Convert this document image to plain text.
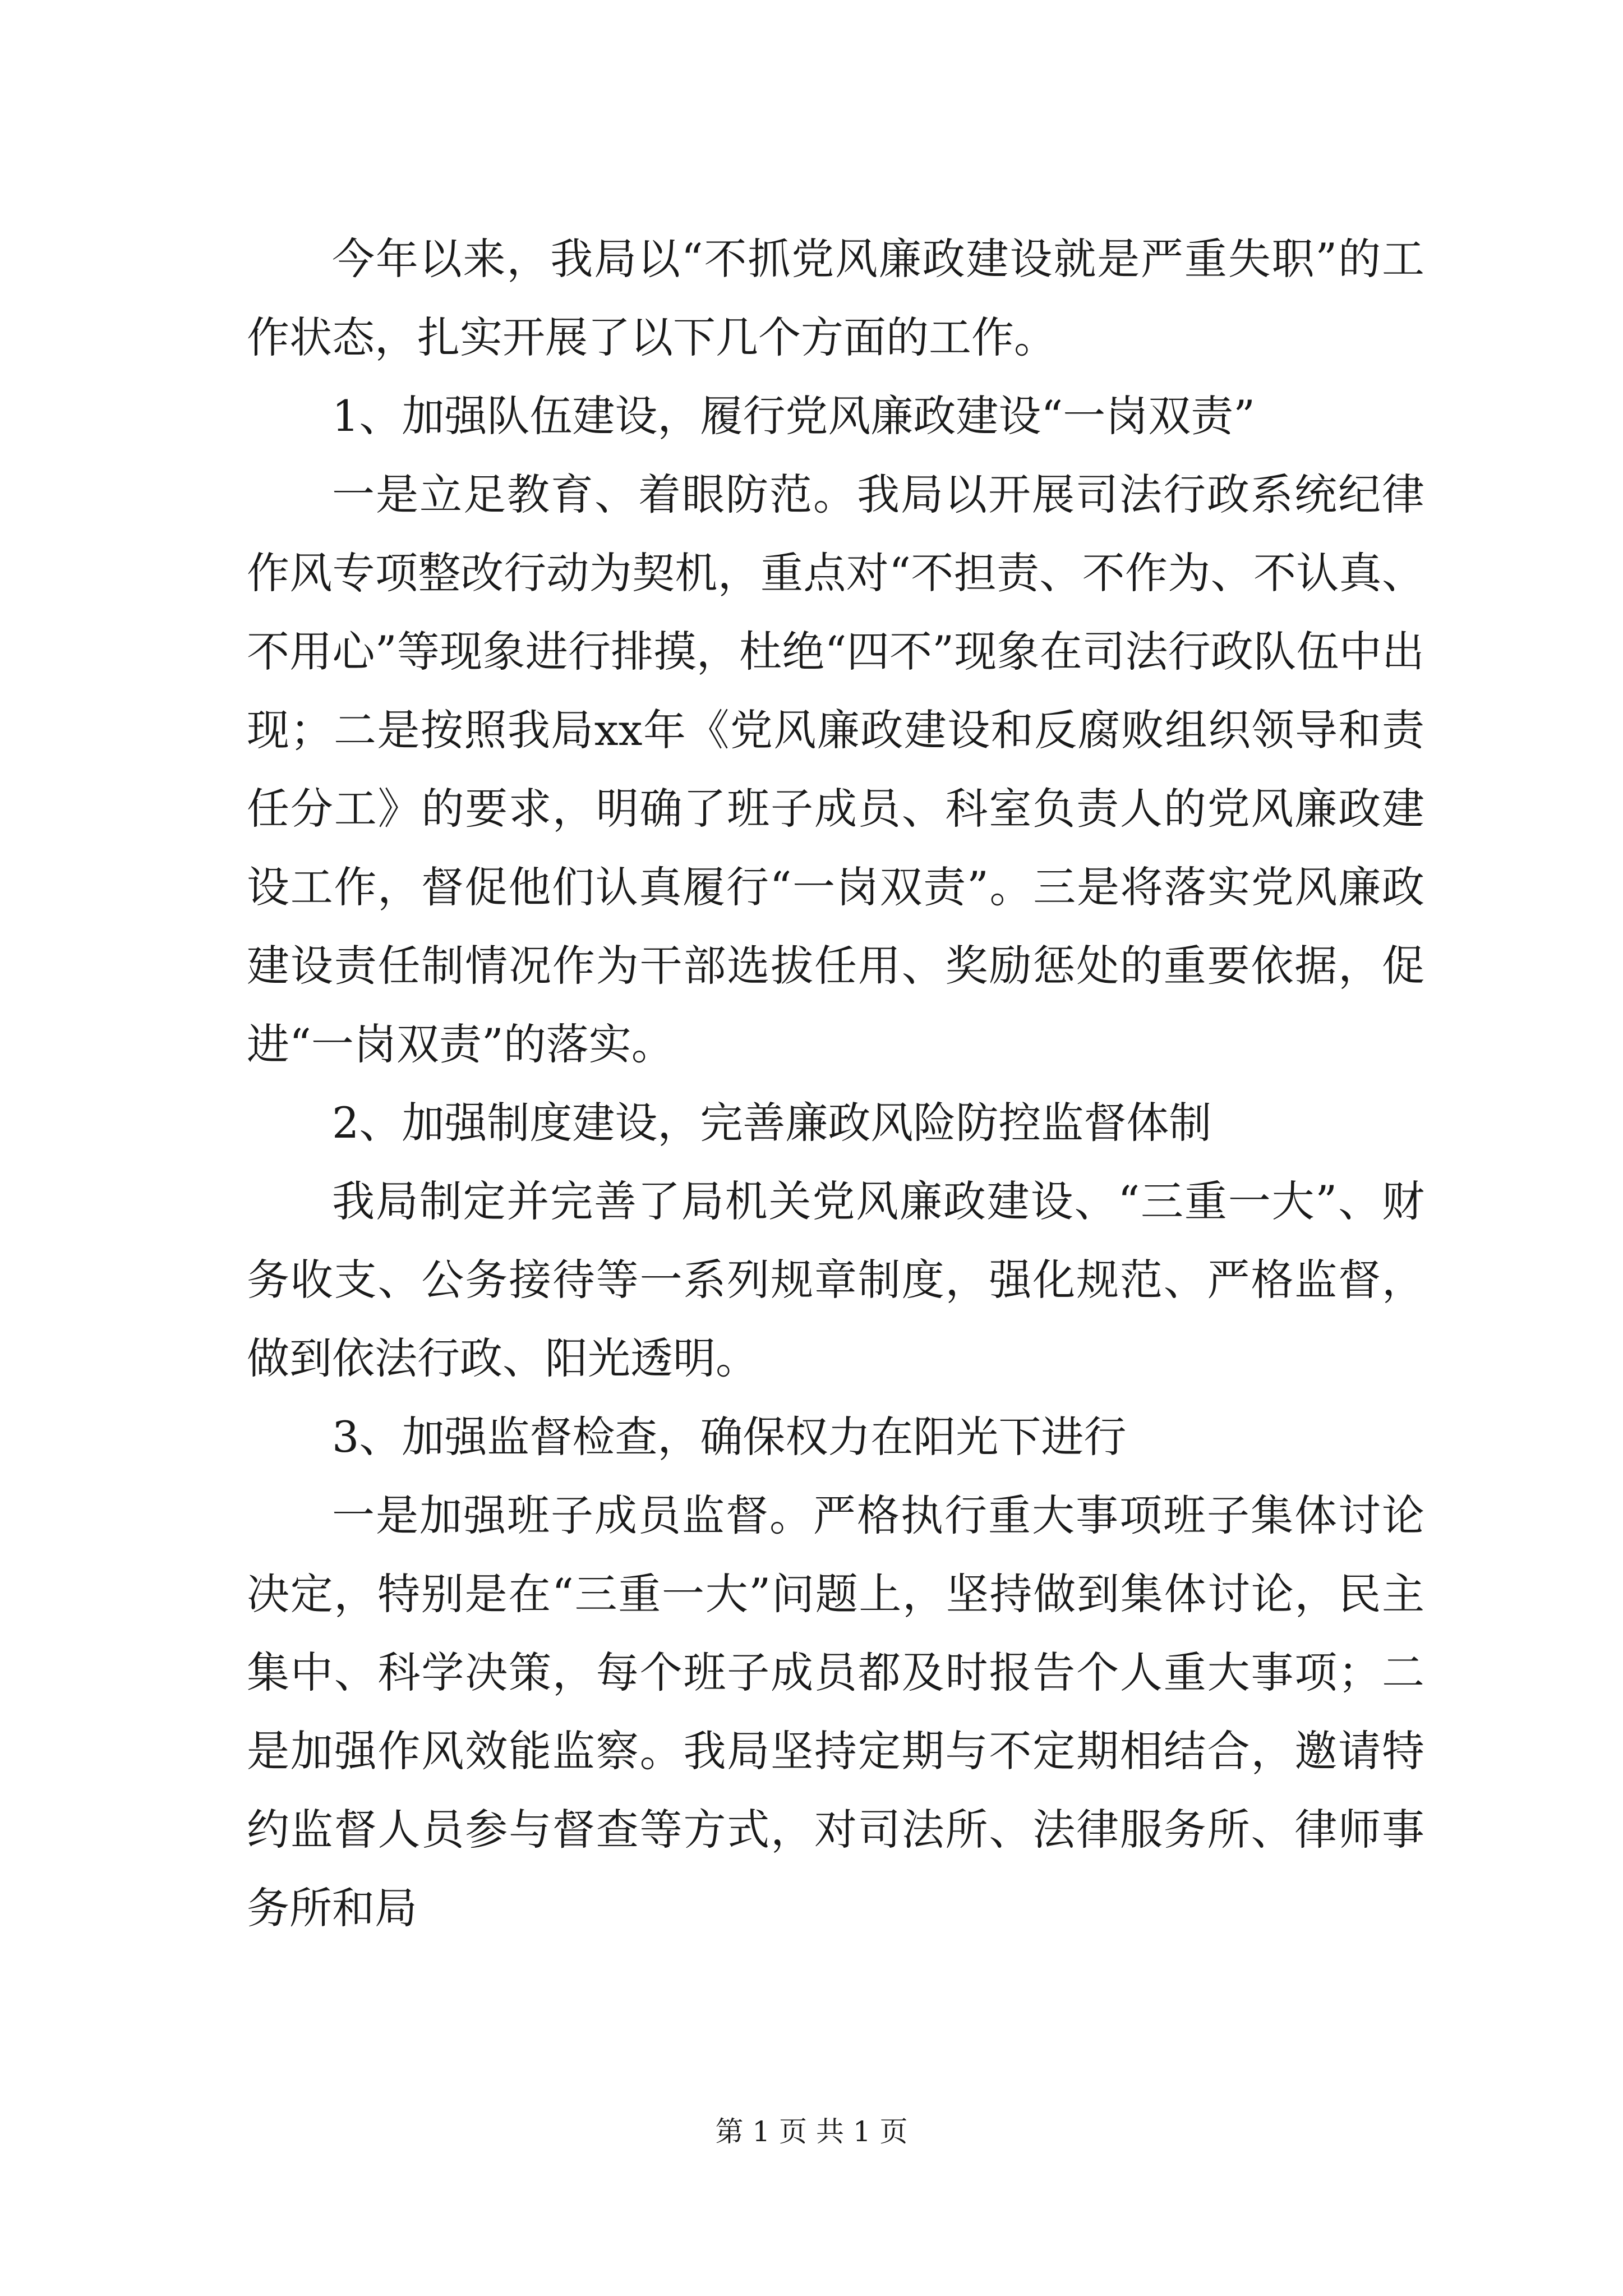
今年以来，我局以“不抓党风廉政建设就是严重失职”的工作状态，扎实开展了以下几个方面的工作。

1、加强队伍建设，履行党风廉政建设“一岗双责”

一是立足教育、着眼防范。我局以开展司法行政系统纪律作风专项整改行动为契机，重点对“不担责、不作为、不认真、不用心”等现象进行排摸，杜绝“四不”现象在司法行政队伍中出现；二是按照我局xx年《党风廉政建设和反腐败组织领导和责任分工》的要求，明确了班子成员、科室负责人的党风廉政建设工作，督促他们认真履行“一岗双责”。三是将落实党风廉政建设责任制情况作为干部选拔任用、奖励惩处的重要依据，促进“一岗双责”的落实。

2、加强制度建设，完善廉政风险防控监督体制

我局制定并完善了局机关党风廉政建设、“三重一大”、财务收支、公务接待等一系列规章制度，强化规范、严格监督，做到依法行政、阳光透明。

3、加强监督检查，确保权力在阳光下进行

一是加强班子成员监督。严格执行重大事项班子集体讨论决定，特别是在“三重一大”问题上，坚持做到集体讨论，民主集中、科学决策，每个班子成员都及时报告个人重大事项；二是加强作风效能监察。我局坚持定期与不定期相结合，邀请特约监督人员参与督查等方式，对司法所、法律服务所、律师事务所和局

第 1 页 共 1 页
